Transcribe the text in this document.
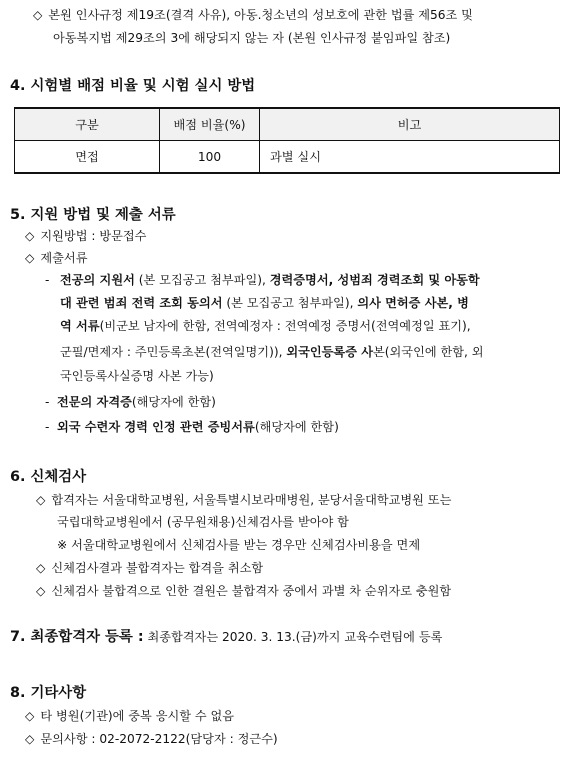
◇ 본원 인사규정 제19조(결격 사유), 아동.청소년의 성보호에 관한 법률 제56조 및
아동복지법 제29조의 3에 해당되지 않는 자 (본원 인사규정 붙임파일 참조)
4. 시험별 배점 비율 및 시험 실시 방법
구분	배점 비율(%)	비고
면접	100	과별 실시
5. 지원 방법 및 제출 서류
◇ 지원방법 : 방문접수
◇ 제출서류
- 전공의 지원서 (본 모집공고 첨부파일), 경력증명서, 성범죄 경력조회 및 아동학
대 관련 범죄 전력 조회 동의서 (본 모집공고 첨부파일), 의사 면허증 사본, 병
역 서류(비군보 남자에 한함, 전역예정자 : 전역예정 증명서(전역예정일 표기),
군필/면제자 : 주민등록초본(전역일명기)), 외국인등록증 사본(외국인에 한함, 외
국인등록사실증명 사본 가능)
- 전문의 자격증(해당자에 한함)
- 외국 수련자 경력 인정 관련 증빙서류(해당자에 한함)
6. 신체검사
◇ 합격자는 서울대학교병원, 서울특별시보라매병원, 분당서울대학교병원 또는
국립대학교병원에서 (공무원채용)신체검사를 받아야 함
※ 서울대학교병원에서 신체검사를 받는 경우만 신체검사비용을 면제
◇ 신체검사결과 불합격자는 합격을 취소함
◇ 신체검사 불합격으로 인한 결원은 불합격자 중에서 과별 차 순위자로 충원함
7. 최종합격자 등록 : 최종합격자는 2020. 3. 13.(금)까지 교육수련팀에 등록
8. 기타사항
◇ 타 병원(기관)에 중복 응시할 수 없음
◇ 문의사항 : 02-2072-2122(담당자 : 정근수)
